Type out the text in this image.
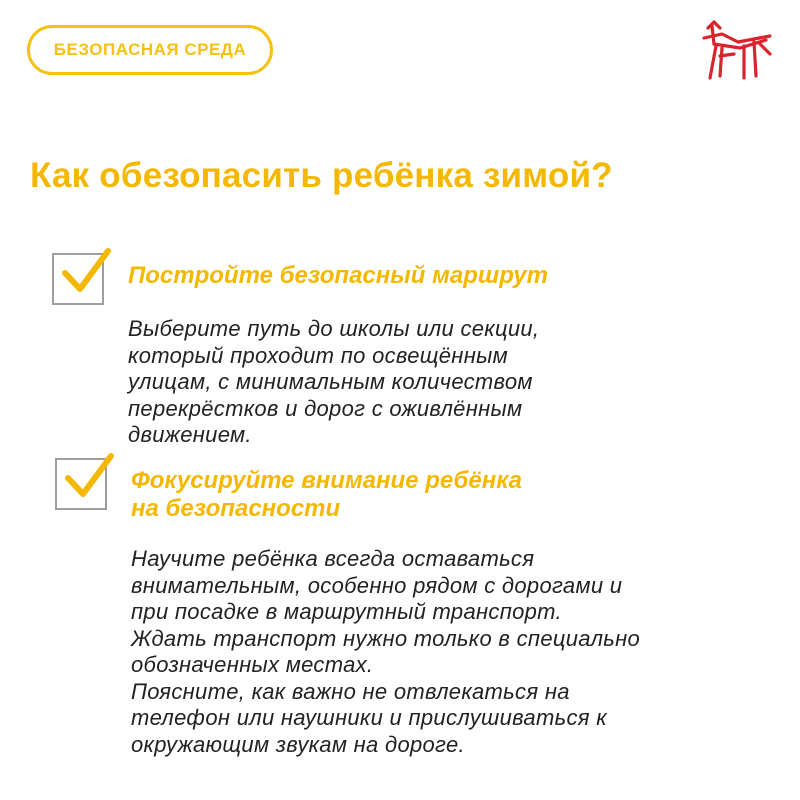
БЕЗОПАСНАЯ СРЕДА
Как обезопасить ребёнка зимой?
Постройте безопасный маршрут

Выберите путь до школы или секции,
который проходит по освещённым
улицам, с минимальным количеством
перекрёстков и дорог с оживлённым
движением.

Фокусируйте внимание ребёнка
на безопасности

Научите ребёнка всегда оставаться
внимательным, особенно рядом с дорогами и
при посадке в маршрутный транспорт.
Ждать транспорт нужно только в специально
обозначенных местах.
Поясните, как важно не отвлекаться на
телефон или наушники и прислушиваться к
окружающим звукам на дороге.
